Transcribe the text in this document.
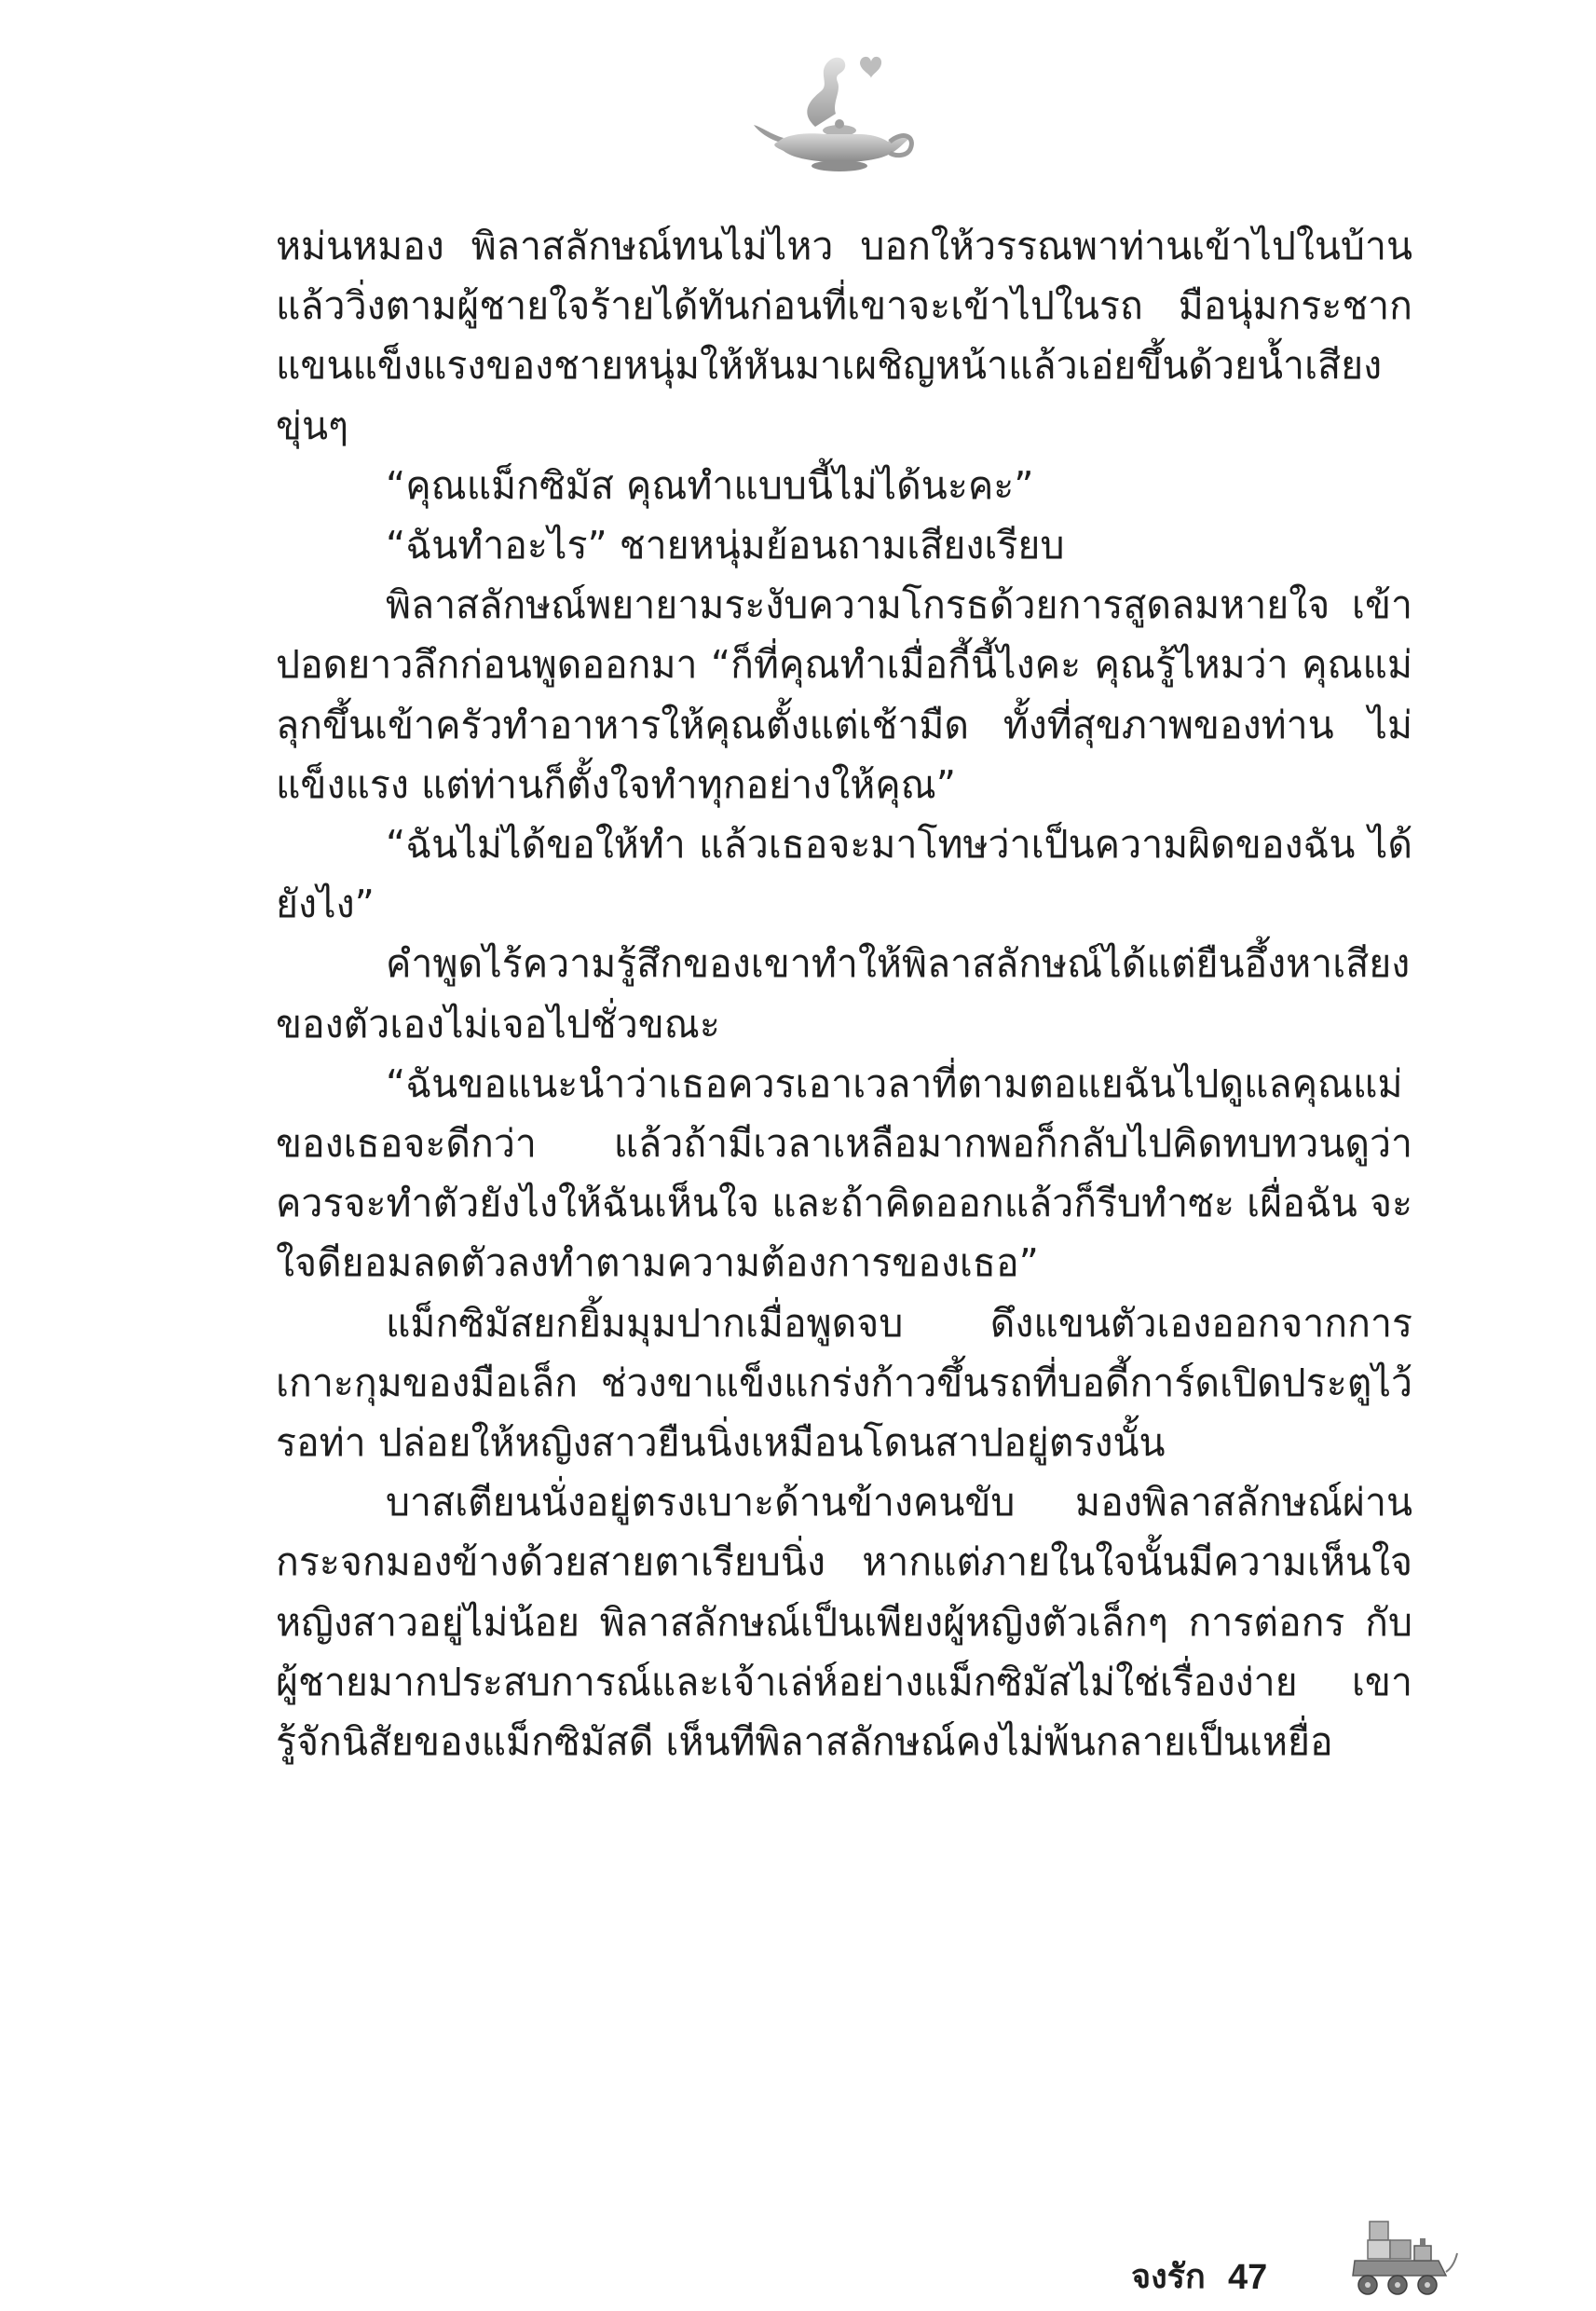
หม่นหมอง พิลาสลักษณ์ทนไม่ไหว บอกให้วรรณพาท่านเข้าไปในบ้าน แล้ววิ่งตามผู้ชายใจร้ายได้ทันก่อนที่เขาจะเข้าไปในรถ มือนุ่มกระชาก แขนแข็งแรงของชายหนุ่มให้หันมาเผชิญหน้าแล้วเอ่ยขึ้นด้วยน้ำเสียง ขุ่นๆ

“คุณแม็กซิมัส คุณทำแบบนี้ไม่ได้นะคะ”

“ฉันทำอะไร” ชายหนุ่มย้อนถามเสียงเรียบ

พิลาสลักษณ์พยายามระงับความโกรธด้วยการสูดลมหายใจ เข้าปอดยาวลึกก่อนพูดออกมา “ก็ที่คุณทำเมื่อกี้นี้ไงคะ คุณรู้ไหมว่า คุณแม่ลุกขึ้นเข้าครัวทำอาหารให้คุณตั้งแต่เช้ามืด ทั้งที่สุขภาพของท่าน ไม่แข็งแรง แต่ท่านก็ตั้งใจทำทุกอย่างให้คุณ”

“ฉันไม่ได้ขอให้ทำ แล้วเธอจะมาโทษว่าเป็นความผิดของฉัน ได้ยังไง”

คำพูดไร้ความรู้สึกของเขาทำให้พิลาสลักษณ์ได้แต่ยืนอึ้งหาเสียง ของตัวเองไม่เจอไปชั่วขณะ

“ฉันขอแนะนำว่าเธอควรเอาเวลาที่ตามตอแยฉันไปดูแลคุณแม่ ของเธอจะดีกว่า แล้วถ้ามีเวลาเหลือมากพอก็กลับไปคิดทบทวนดูว่า ควรจะทำตัวยังไงให้ฉันเห็นใจ และถ้าคิดออกแล้วก็รีบทำซะ เผื่อฉัน จะใจดียอมลดตัวลงทำตามความต้องการของเธอ”

แม็กซิมัสยกยิ้มมุมปากเมื่อพูดจบ ดึงแขนตัวเองออกจากการ เกาะกุมของมือเล็ก ช่วงขาแข็งแกร่งก้าวขึ้นรถที่บอดี้การ์ดเปิดประตูไว้ รอท่า ปล่อยให้หญิงสาวยืนนิ่งเหมือนโดนสาปอยู่ตรงนั้น

บาสเตียนนั่งอยู่ตรงเบาะด้านข้างคนขับ มองพิลาสลักษณ์ผ่าน กระจกมองข้างด้วยสายตาเรียบนิ่ง หากแต่ภายในใจนั้นมีความเห็นใจ หญิงสาวอยู่ไม่น้อย พิลาสลักษณ์เป็นเพียงผู้หญิงตัวเล็กๆ การต่อกร กับผู้ชายมากประสบการณ์และเจ้าเล่ห์อย่างแม็กซิมัสไม่ใช่เรื่องง่าย เขา รู้จักนิสัยของแม็กซิมัสดี เห็นทีพิลาสลักษณ์คงไม่พ้นกลายเป็นเหยื่อ

จงรัก 47
